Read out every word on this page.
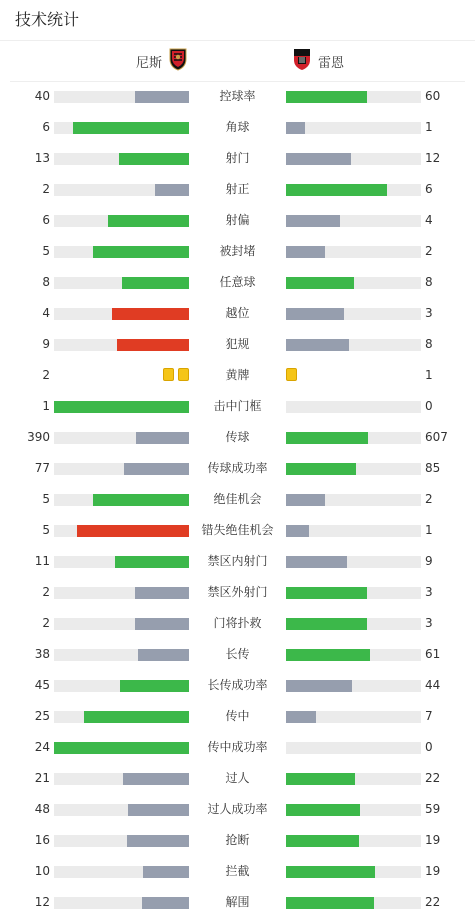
技术统计
尼斯	雷恩
40	控球率	60
6	角球	1
13	射门	12
2	射正	6
6	射偏	4
5	被封堵	2
8	任意球	8
4	越位	3
9	犯规	8
2	黄牌	1
1	击中门框	0
390	传球	607
77	传球成功率	85
5	绝佳机会	2
5	错失绝佳机会	1
11	禁区内射门	9
2	禁区外射门	3
2	门将扑救	3
38	长传	61
45	长传成功率	44
25	传中	7
24	传中成功率	0
21	过人	22
48	过人成功率	59
16	抢断	19
10	拦截	19
12	解围	22
